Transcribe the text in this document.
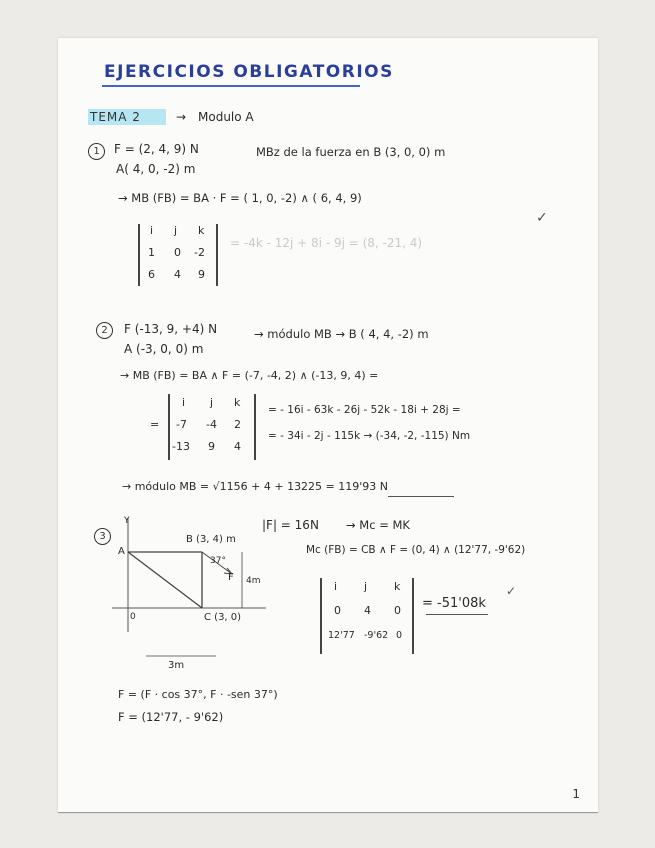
EJERCICIOS OBLIGATORIOS
TEMA 2	→ Modulo A
1	F = (2, 4, 9) N
A( 4, 0, -2) m
MBz de la fuerza en B (3, 0, 0) m
→ MB (FB) = BA · F = ( 1, 0, -2) ∧ ( 6, 4, 9)
i j k
1 0 -2
6 4 9
= -4k - 12j + 8i - 9j = (8, -21, 4)
✓
2	F (-13, 9, +4) N
A (-3, 0, 0) m
→ módulo MB → B ( 4, 4, -2) m
→ MB (FB) = BA ∧ F = (-7, -4, 2) ∧ (-13, 9, 4) =
=
i j k
-7 -4 2
-13 9 4
= - 16i - 63k - 26j - 52k - 18i + 28j =
= - 34i - 2j - 115k → (-34, -2, -115) Nm
→ módulo MB = √1156 + 4 + 13225 = 119'93 N
3
Y
A
B (3, 4) m
37°
F 4m
0	C (3, 0)
3m
|F| = 16N → Mc = MK
Mc (FB) = CB ∧ F = (0, 4) ∧ (12'77, -9'62)
i j k
0 4 0
12'77 -9'62 0
= -51'08k
✓
F = (F · cos 37°, F · -sen 37°)
F = (12'77, - 9'62)
1
